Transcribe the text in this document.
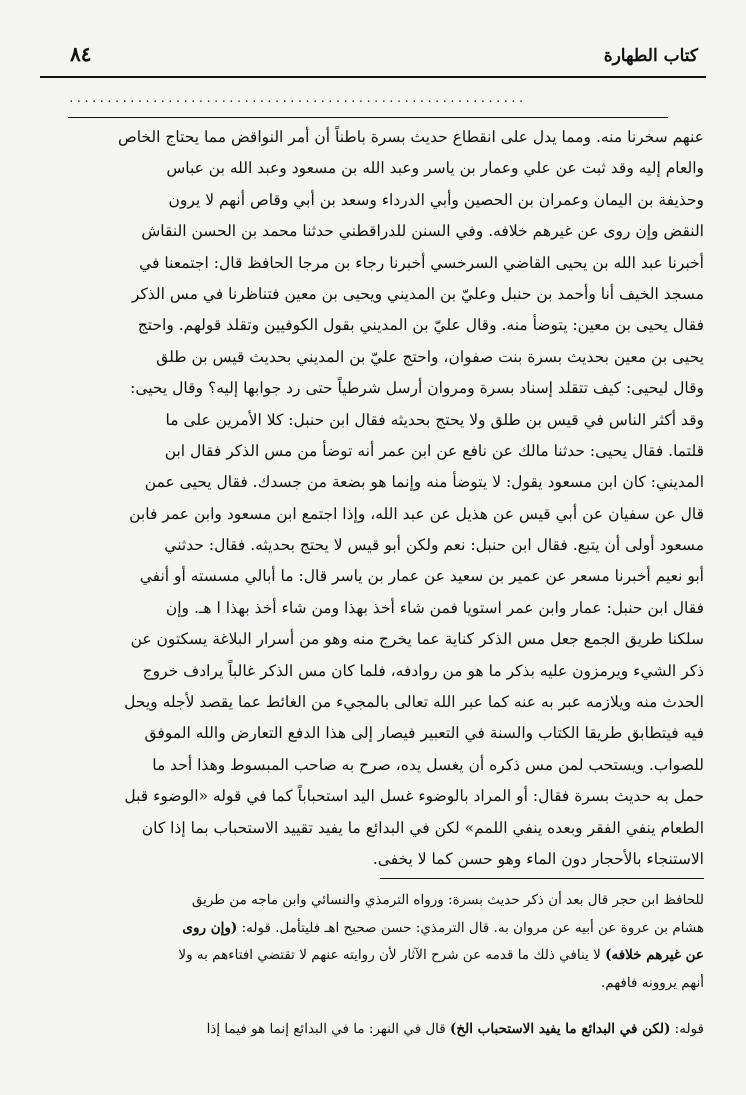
٨٤	كتاب الطهارة
............................................................
عنهم سخرنا منه. ومما يدل على انقطاع حديث بسرة باطناً أن أمر النواقض مما يحتاج الخاص
والعام إليه وقد ثبت عن علي وعمار بن ياسر وعبد الله بن مسعود وعبد الله بن عباس
وحذيفة بن اليمان وعمران بن الحصين وأبي الدرداء وسعد بن أبي وقاص أنهم لا يرون
النقض وإن روى عن غيرهم خلافه. وفي السنن للدراقطني حدثنا محمد بن الحسن النقاش
أخبرنا عبد الله بن يحيى القاضي السرخسي أخبرنا رجاء بن مرجا الحافظ قال: اجتمعنا في
مسجد الخيف أنا وأحمد بن حنبل وعليّ بن المديني ويحيى بن معين فتناظرنا في مس الذكر
فقال يحيى بن معين: يتوضأ منه. وقال عليّ بن المديني بقول الكوفيين وتقلد قولهم. واحتج
يحيى بن معين بحديث بسرة بنت صفوان، واحتج عليّ بن المديني بحديث قيس بن طلق
وقال ليحيى: كيف تتقلد إسناد بسرة ومروان أرسل شرطياً حتى رد جوابها إليه؟ وقال يحيى:
وقد أكثر الناس في قيس بن طلق ولا يحتج بحديثه فقال ابن حنبل: كلا الأمرين على ما
قلتما. فقال يحيى: حدثنا مالك عن نافع عن ابن عمر أنه توضأ من مس الذكر فقال ابن
المديني: كان ابن مسعود يقول: لا يتوضأ منه وإنما هو بضعة من جسدك. فقال يحيى عمن
قال عن سفيان عن أبي قيس عن هذيل عن عبد الله، وإذا اجتمع ابن مسعود وابن عمر فابن
مسعود أولى أن يتبع. فقال ابن حنبل: نعم ولكن أبو قيس لا يحتج بحديثه. فقال: حدثني
أبو نعيم أخبرنا مسعر عن عمير بن سعيد عن عمار بن ياسر قال: ما أبالي مسسته أو أنفي
فقال ابن حنبل: عمار وابن عمر استويا فمن شاء أخذ بهذا ومن شاء أخذ بهذا ا هـ. وإن
سلكنا طريق الجمع جعل مس الذكر كناية عما يخرج منه وهو من أسرار البلاغة يسكتون عن
ذكر الشيء ويرمزون عليه بذكر ما هو من روادفه، فلما كان مس الذكر غالباً يرادف خروج
الحدث منه ويلازمه عبر به عنه كما عبر الله تعالى بالمجيء من الغائط عما يقصد لأجله ويحل
فيه فيتطابق طريقا الكتاب والسنة في التعبير فيصار إلى هذا الدفع التعارض والله الموفق
للصواب. ويستحب لمن مس ذكره أن يغسل يده، صرح به صاحب المبسوط وهذا أحد ما
حمل به حديث بسرة فقال: أو المراد بالوضوء غسل اليد استحباباً كما في قوله «الوضوء قبل
الطعام ينفي الفقر وبعده ينفي اللمم» لكن في البدائع ما يفيد تقييد الاستحباب بما إذا كان
الاستنجاء بالأحجار دون الماء وهو حسن كما لا يخفى.
للحافظ ابن حجر قال بعد أن ذكر حديث بسرة: ورواه الترمذي والنسائي وابن ماجه من طريق
هشام بن عروة عن أبيه عن مروان به. قال الترمذي: حسن صحيح اهـ فليتأمل. قوله: (وإن روى
عن غيرهم خلافه) لا ينافي ذلك ما قدمه عن شرح الآثار لأن روايته عنهم لا تقتضي افتاءهم به ولا
أنهم يروونه فافهم.
قوله: (لكن في البدائع ما يفيد الاستحباب الخ) قال في النهر: ما في البدائع إنما هو فيما إذا
